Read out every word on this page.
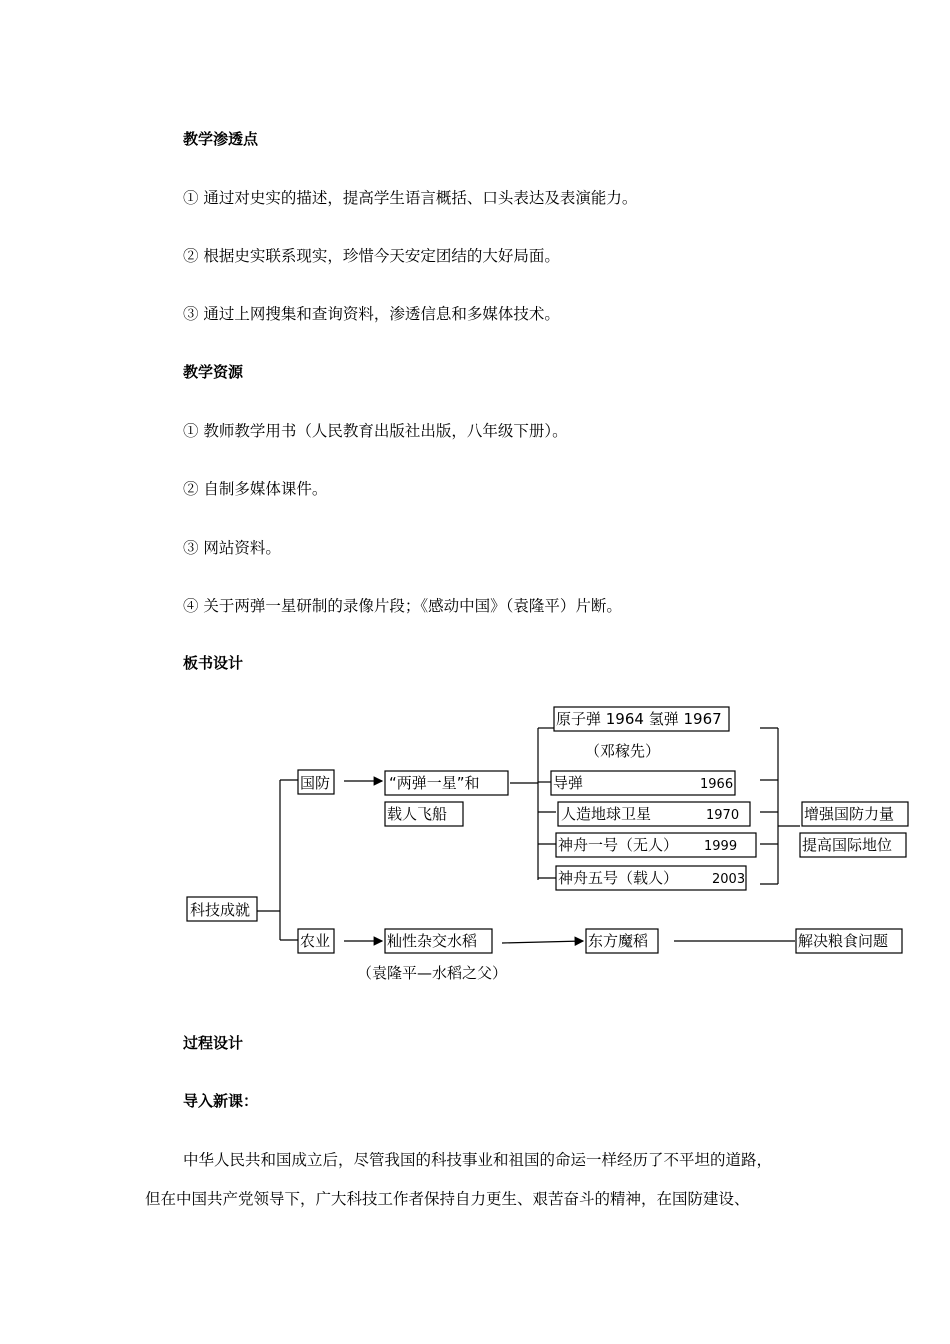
教学渗透点
① 通过对史实的描述，提高学生语言概括、口头表达及表演能力。
② 根据史实联系现实，珍惜今天安定团结的大好局面。
③ 通过上网搜集和查询资料，渗透信息和多媒体技术。
教学资源
① 教师教学用书（人民教育出版社出版，八年级下册）。
② 自制多媒体课件。
③ 网站资料。
④ 关于两弹一星研制的录像片段；《感动中国》（袁隆平）片断。
板书设计
科技成就
国防	“两弹一星”和
载人飞船
原子弹 1964 氢弹 1967
（邓稼先）
导弹	1966
人造地球卫星	1970
神舟一号（无人） 1999
神舟五号（载人）	2003
增强国防力量
提高国际地位
农业	籼性杂交水稻
（袁隆平—水稻之父）
东方魔稻	解决粮食问题
过程设计
导入新课：
中华人民共和国成立后，尽管我国的科技事业和祖国的命运一样经历了不平坦的道路，
但在中国共产党领导下，广大科技工作者保持自力更生、艰苦奋斗的精神，在国防建设、
